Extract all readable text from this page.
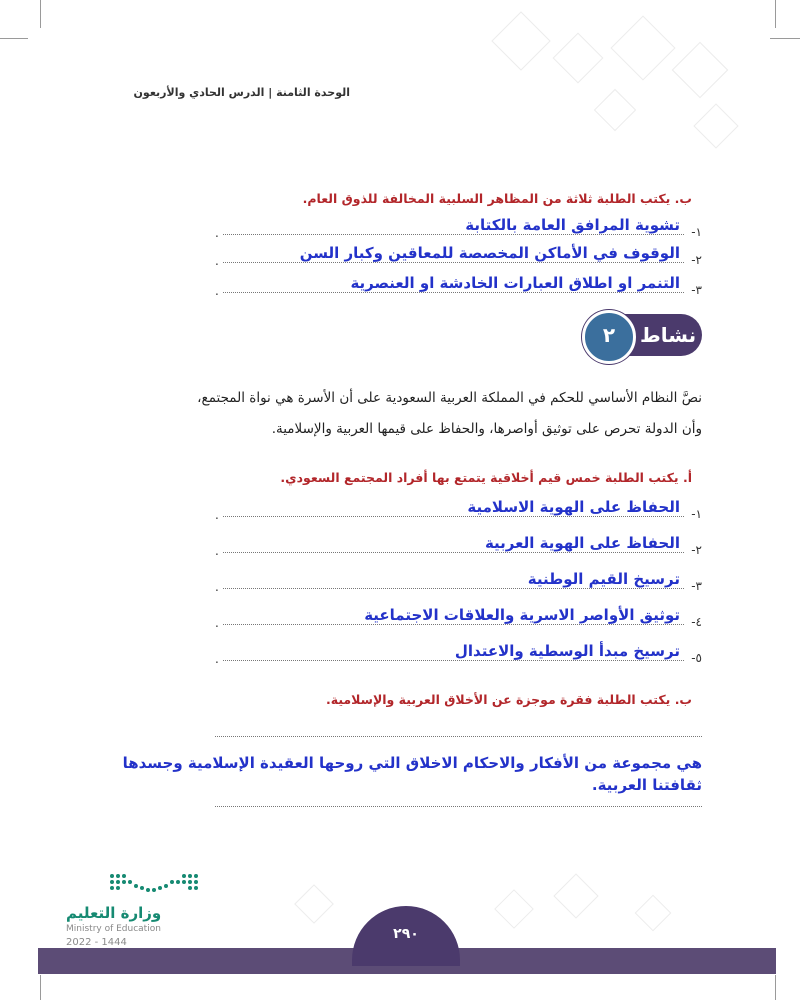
الوحدة الثامنة | الدرس الحادي والأربعون
ب. يكتب الطلبة ثلاثة من المظاهر السلبية المخالفة للذوق العام.
١-
.	تشوية المرافق العامة بالكتابة
٢-
.	الوقوف في الأماكن المخصصة للمعاقين وكبار السن
٣-
.	التنمر او اطلاق العبارات الخادشة او العنصرية
٢	نشاط
نصَّ النظام الأساسي للحكم في المملكة العربية السعودية على أن الأسرة هي نواة المجتمع،
وأن الدولة تحرص على توثيق أواصرها، والحفاظ على قيمها العربية والإسلامية.
أ. يكتب الطلبة خمس قيم أخلاقية يتمتع بها أفراد المجتمع السعودي.
١-
.	الحفاظ على الهوية الاسلامية
٢-
.	الحفاظ على الهوية العربية
٣-
.	ترسيخ القيم الوطنية
٤-
.	توثيق الأواصر الاسرية والعلاقات الاجتماعية
٥-
.	ترسيخ مبدأ الوسطية والاعتدال
ب. يكتب الطلبة فقرة موجزة عن الأخلاق العربية والإسلامية.
هي مجموعة من الأفكار والاحكام الاخلاق التي روحها العقيدة الإسلامية وجسدها ثقافتنا العربية.
وزارة التعليم
Ministry of Education
2022 - 1444
٢٩٠
